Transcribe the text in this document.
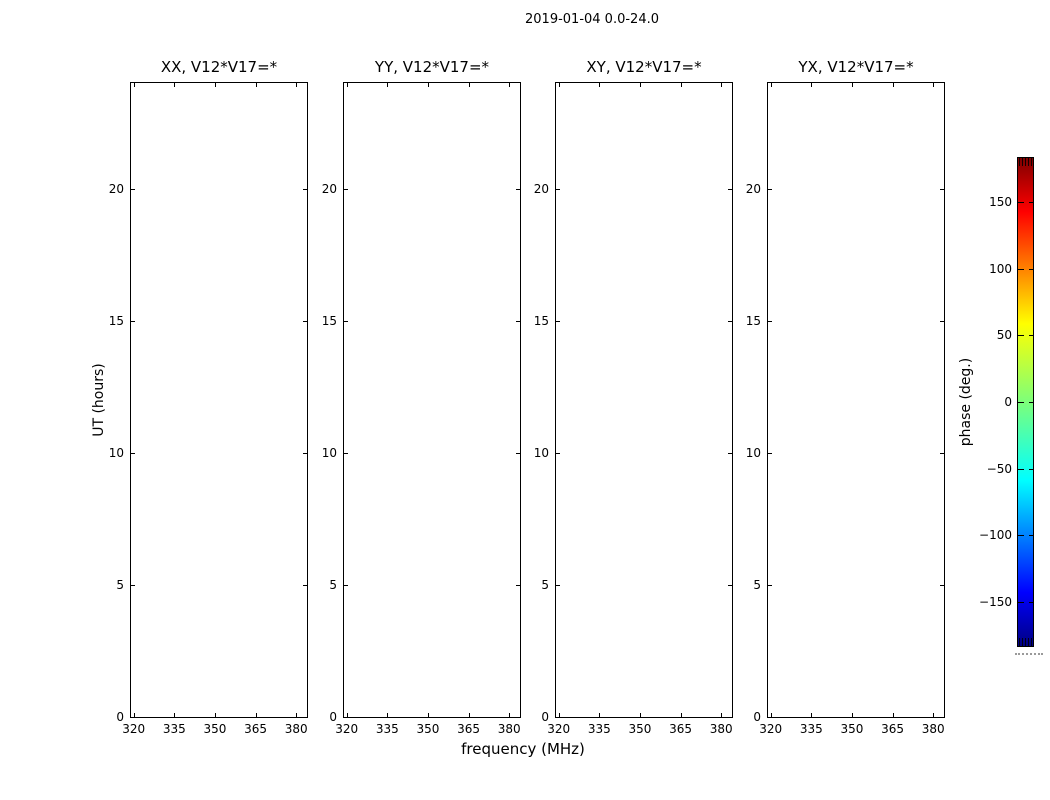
2019-01-04 0.0-24.0
XX, V12*V17=*
320 335 350 365 380
0
5
10
15
20
YY, V12*V17=*
320 335 350 365 380
0
5
10
15
20
XY, V12*V17=*
320 335 350 365 380
0
5
10
15
20
YX, V12*V17=*
320 335 350 365 380
0
5
10
15
20
frequency (MHz)
UT (hours)
150
100
50
0
−50
−100
−150
phase (deg.)
